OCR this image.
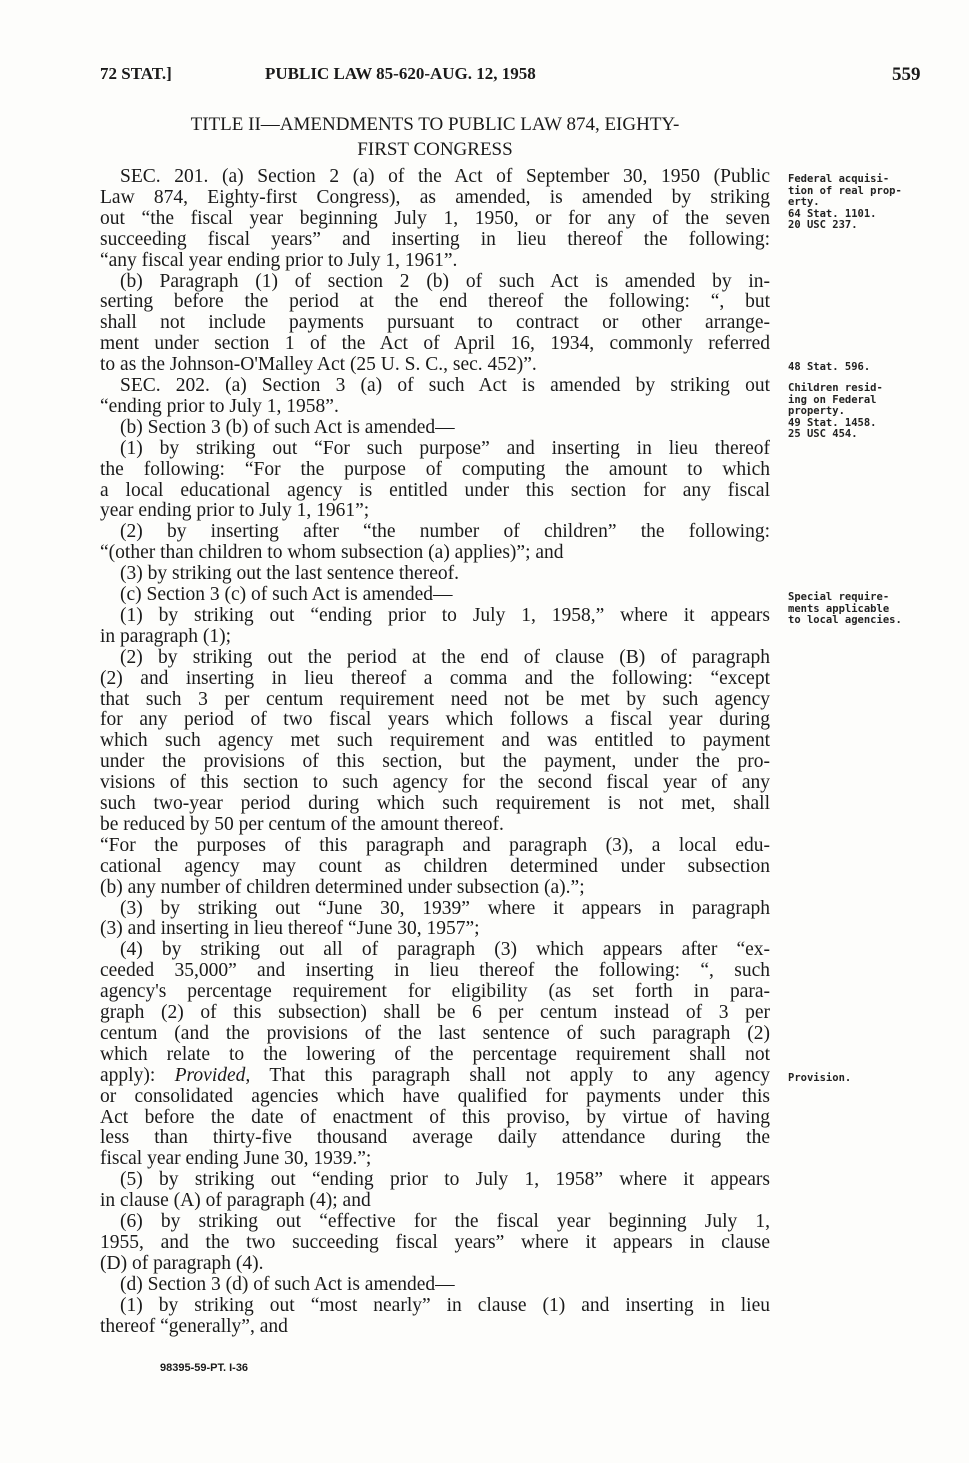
72 STAT.]	PUBLIC LAW 85-620-AUG. 12, 1958	559
TITLE II—AMENDMENTS TO PUBLIC LAW 874, EIGHTY-
FIRST CONGRESS
SEC. 201. (a) Section 2 (a) of the Act of September 30, 1950 (Public
Law 874, Eighty-first Congress), as amended, is amended by striking
out “the fiscal year beginning July 1, 1950, or for any of the seven
succeeding fiscal years” and inserting in lieu thereof the following:
“any fiscal year ending prior to July 1, 1961”.
(b) Paragraph (1) of section 2 (b) of such Act is amended by in-
serting before the period at the end thereof the following: “, but
shall not include payments pursuant to contract or other arrange-
ment under section 1 of the Act of April 16, 1934, commonly referred
to as the Johnson-O'Malley Act (25 U. S. C., sec. 452)”.
SEC. 202. (a) Section 3 (a) of such Act is amended by striking out
“ending prior to July 1, 1958”.
(b) Section 3 (b) of such Act is amended—
(1) by striking out “For such purpose” and inserting in lieu thereof
the following: “For the purpose of computing the amount to which
a local educational agency is entitled under this section for any fiscal
year ending prior to July 1, 1961”;
(2) by inserting after “the number of children” the following:
“(other than children to whom subsection (a) applies)”; and
(3) by striking out the last sentence thereof.
(c) Section 3 (c) of such Act is amended—
(1) by striking out “ending prior to July 1, 1958,” where it appears
in paragraph (1);
(2) by striking out the period at the end of clause (B) of paragraph
(2) and inserting in lieu thereof a comma and the following: “except
that such 3 per centum requirement need not be met by such agency
for any period of two fiscal years which follows a fiscal year during
which such agency met such requirement and was entitled to payment
under the provisions of this section, but the payment, under the pro-
visions of this section to such agency for the second fiscal year of any
such two-year period during which such requirement is not met, shall
be reduced by 50 per centum of the amount thereof.
“For the purposes of this paragraph and paragraph (3), a local edu-
cational agency may count as children determined under subsection
(b) any number of children determined under subsection (a).”;
(3) by striking out “June 30, 1939” where it appears in paragraph
(3) and inserting in lieu thereof “June 30, 1957”;
(4) by striking out all of paragraph (3) which appears after “ex-
ceeded 35,000” and inserting in lieu thereof the following: “, such
agency's percentage requirement for eligibility (as set forth in para-
graph (2) of this subsection) shall be 6 per centum instead of 3 per
centum (and the provisions of the last sentence of such paragraph (2)
which relate to the lowering of the percentage requirement shall not
apply): Provided, That this paragraph shall not apply to any agency
or consolidated agencies which have qualified for payments under this
Act before the date of enactment of this proviso, by virtue of having
less than thirty-five thousand average daily attendance during the
fiscal year ending June 30, 1939.”;
(5) by striking out “ending prior to July 1, 1958” where it appears
in clause (A) of paragraph (4); and
(6) by striking out “effective for the fiscal year beginning July 1,
1955, and the two succeeding fiscal years” where it appears in clause
(D) of paragraph (4).
(d) Section 3 (d) of such Act is amended—
(1) by striking out “most nearly” in clause (1) and inserting in lieu
thereof “generally”, and
Federal acquisi-
tion of real prop-
erty.
64 Stat. 1101.
20 USC 237.
48 Stat. 596.
Children resid-
ing on Federal
property.
49 Stat. 1458.
25 USC 454.
Special require-
ments applicable
to local agencies.
Provision.
98395-59-PT. I-36
